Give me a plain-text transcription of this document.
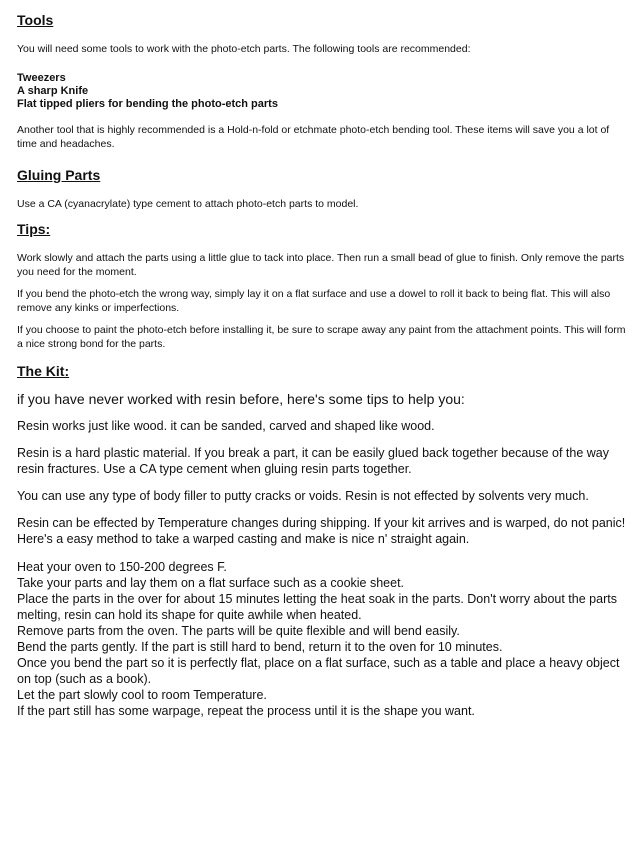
Tools

You will need some tools to work with the photo-etch parts. The following tools are recommended:

Tweezers

A sharp Knife

Flat tipped pliers for bending the photo-etch parts

Another tool that is highly recommended is a Hold-n-fold or etchmate photo-etch bending tool. These items will save you a lot of time and headaches.

Gluing Parts

Use a CA (cyanacrylate) type cement to attach photo-etch parts to model.

Tips:

Work slowly and attach the parts using a little glue to tack into place. Then run a small bead of glue to finish. Only remove the parts you need for the moment.

If you bend the photo-etch the wrong way, simply lay it on a flat surface and use a dowel to roll it back to being flat. This will also remove any kinks or imperfections.

If you choose to paint the photo-etch before installing it, be sure to scrape away any paint from the attachment points. This will form a nice strong bond for the parts.

The Kit:

if you have never worked with resin before, here's some tips to help you:

Resin works just like wood. it can be sanded, carved and shaped like wood.

Resin is a hard plastic material. If you break a part, it can be easily glued back together because of the way resin fractures. Use a CA type cement when gluing resin parts together.

You can use any type of body filler to putty cracks or voids. Resin is not effected by solvents very much.

Resin can be effected by Temperature changes during shipping. If your kit arrives and is warped, do not panic! Here's a easy method to take a warped casting and make is nice n' straight again.

Heat your oven to 150-200 degrees F.

Take your parts and lay them on a flat surface such as a cookie sheet.

Place the parts in the over for about 15 minutes letting the heat soak in the parts. Don't worry about the parts melting, resin can hold its shape for quite awhile when heated.

Remove parts from the oven. The parts will be quite flexible and will bend easily.

Bend the parts gently. If the part is still hard to bend, return it to the oven for 10 minutes.

Once you bend the part so it is perfectly flat, place on a flat surface, such as a table and place a heavy object on top (such as a book).

Let the part slowly cool to room Temperature.

If the part still has some warpage, repeat the process until it is the shape you want.
